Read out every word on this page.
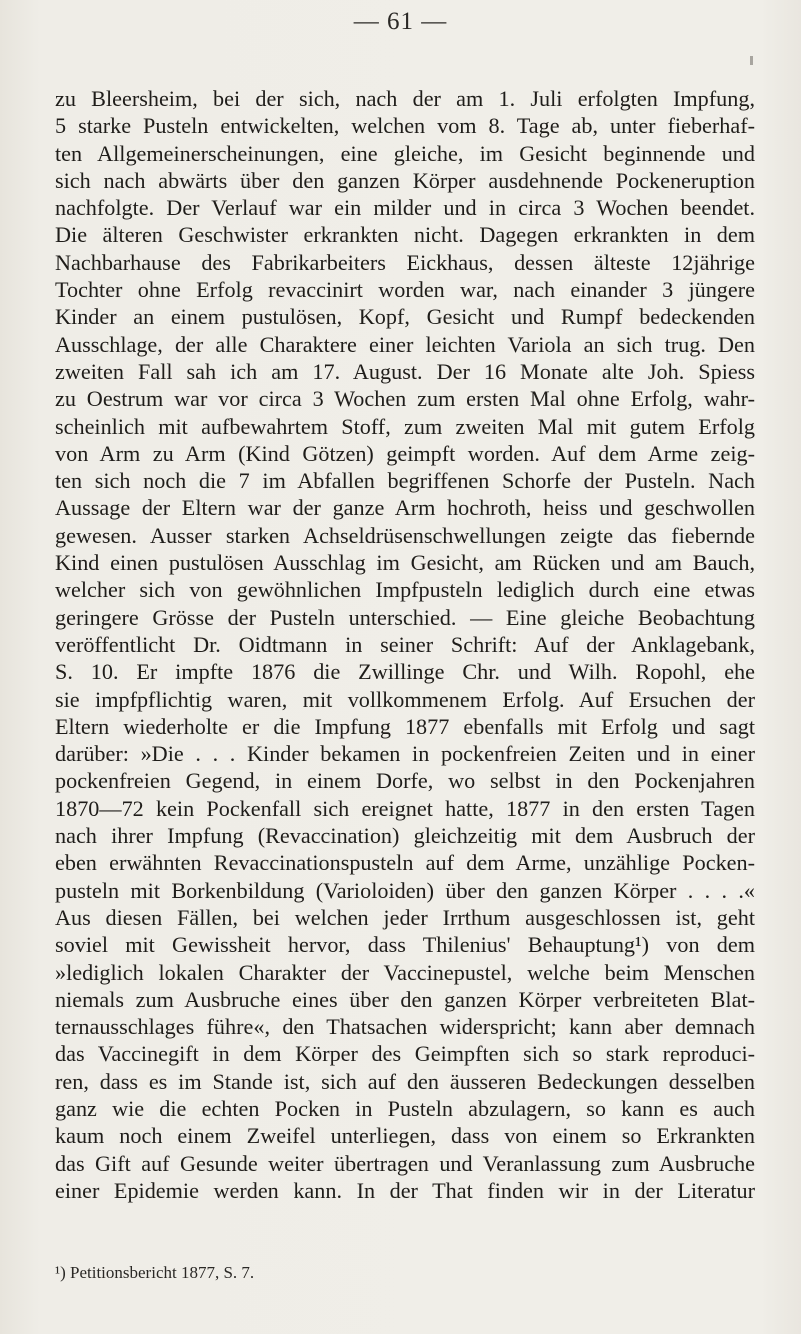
— 61 —
zu Bleersheim, bei der sich, nach der am 1. Juli erfolgten Impfung,
5 starke Pusteln entwickelten, welchen vom 8. Tage ab, unter fieberhaf-
ten Allgemeinerscheinungen, eine gleiche, im Gesicht beginnende und
sich nach abwärts über den ganzen Körper ausdehnende Pockeneruption
nachfolgte. Der Verlauf war ein milder und in circa 3 Wochen beendet.
Die älteren Geschwister erkrankten nicht. Dagegen erkrankten in dem
Nachbarhause des Fabrikarbeiters Eickhaus, dessen älteste 12jährige
Tochter ohne Erfolg revaccinirt worden war, nach einander 3 jüngere
Kinder an einem pustulösen, Kopf, Gesicht und Rumpf bedeckenden
Ausschlage, der alle Charaktere einer leichten Variola an sich trug. Den
zweiten Fall sah ich am 17. August. Der 16 Monate alte Joh. Spiess
zu Oestrum war vor circa 3 Wochen zum ersten Mal ohne Erfolg, wahr-
scheinlich mit aufbewahrtem Stoff, zum zweiten Mal mit gutem Erfolg
von Arm zu Arm (Kind Götzen) geimpft worden. Auf dem Arme zeig-
ten sich noch die 7 im Abfallen begriffenen Schorfe der Pusteln. Nach
Aussage der Eltern war der ganze Arm hochroth, heiss und geschwollen
gewesen. Ausser starken Achseldrüsenschwellungen zeigte das fiebernde
Kind einen pustulösen Ausschlag im Gesicht, am Rücken und am Bauch,
welcher sich von gewöhnlichen Impfpusteln lediglich durch eine etwas
geringere Grösse der Pusteln unterschied. — Eine gleiche Beobachtung
veröffentlicht Dr. Oidtmann in seiner Schrift: Auf der Anklagebank,
S. 10. Er impfte 1876 die Zwillinge Chr. und Wilh. Ropohl, ehe
sie impfpflichtig waren, mit vollkommenem Erfolg. Auf Ersuchen der
Eltern wiederholte er die Impfung 1877 ebenfalls mit Erfolg und sagt
darüber: »Die . . . Kinder bekamen in pockenfreien Zeiten und in einer
pockenfreien Gegend, in einem Dorfe, wo selbst in den Pockenjahren
1870—72 kein Pockenfall sich ereignet hatte, 1877 in den ersten Tagen
nach ihrer Impfung (Revaccination) gleichzeitig mit dem Ausbruch der
eben erwähnten Revaccinationspusteln auf dem Arme, unzählige Pocken-
pusteln mit Borkenbildung (Varioloiden) über den ganzen Körper . . . .«
Aus diesen Fällen, bei welchen jeder Irrthum ausgeschlossen ist, geht
soviel mit Gewissheit hervor, dass Thilenius' Behauptung¹) von dem
»lediglich lokalen Charakter der Vaccinepustel, welche beim Menschen
niemals zum Ausbruche eines über den ganzen Körper verbreiteten Blat-
ternausschlages führe«, den Thatsachen widerspricht; kann aber demnach
das Vaccinegift in dem Körper des Geimpften sich so stark reproduci-
ren, dass es im Stande ist, sich auf den äusseren Bedeckungen desselben
ganz wie die echten Pocken in Pusteln abzulagern, so kann es auch
kaum noch einem Zweifel unterliegen, dass von einem so Erkrankten
das Gift auf Gesunde weiter übertragen und Veranlassung zum Ausbruche
einer Epidemie werden kann. In der That finden wir in der Literatur
¹) Petitionsbericht 1877, S. 7.
